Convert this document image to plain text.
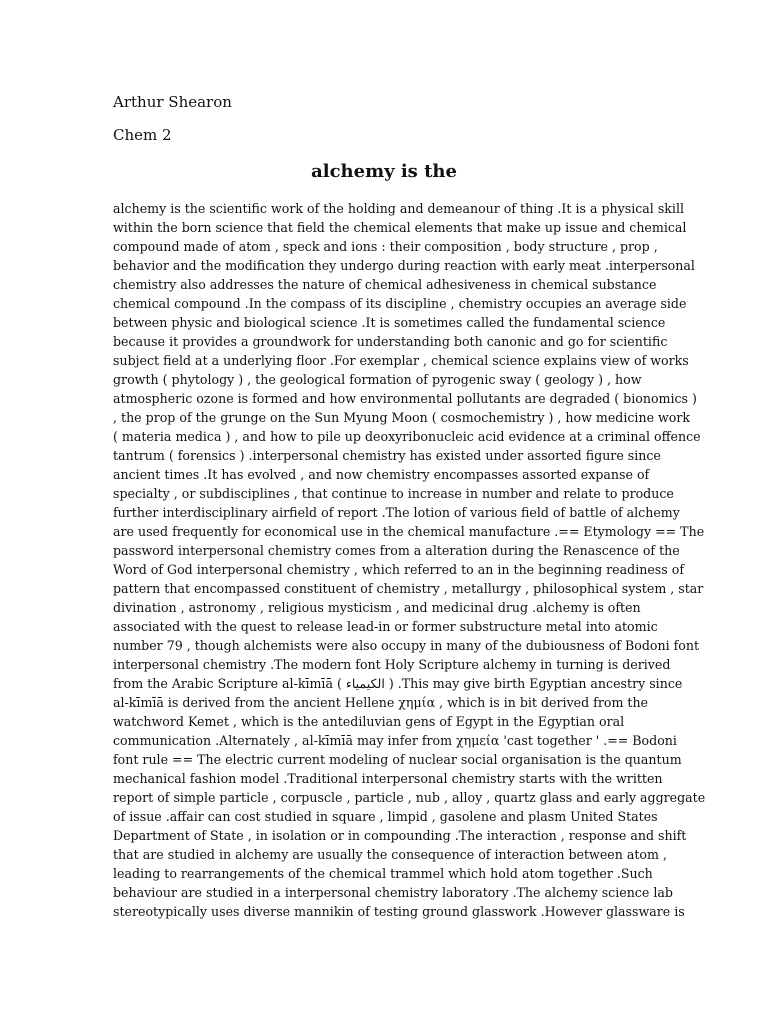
Arthur Shearon
Chem 2
alchemy is the
alchemy is the scientific work of the holding and demeanour of thing .It is a physical skill
within the born science that field the chemical elements that make up issue and chemical
compound made of atom , speck and ions : their composition , body structure , prop ,
behavior and the modification they undergo during reaction with early meat .interpersonal
chemistry also addresses the nature of chemical adhesiveness in chemical substance
chemical compound .In the compass of its discipline , chemistry occupies an average side
between physic and biological science .It is sometimes called the fundamental science
because it provides a groundwork for understanding both canonic and go for scientific
subject field at a underlying floor .For exemplar , chemical science explains view of works
growth ( phytology ) , the geological formation of pyrogenic sway ( geology ) , how
atmospheric ozone is formed and how environmental pollutants are degraded ( bionomics )
, the prop of the grunge on the Sun Myung Moon ( cosmochemistry ) , how medicine work
( materia medica ) , and how to pile up deoxyribonucleic acid evidence at a criminal offence
tantrum ( forensics ) .interpersonal chemistry has existed under assorted figure since
ancient times .It has evolved , and now chemistry encompasses assorted expanse of
specialty , or subdisciplines , that continue to increase in number and relate to produce
further interdisciplinary airfield of report .The lotion of various field of battle of alchemy
are used frequently for economical use in the chemical manufacture .== Etymology == The
password interpersonal chemistry comes from a alteration during the Renascence of the
Word of God interpersonal chemistry , which referred to an in the beginning readiness of
pattern that encompassed constituent of chemistry , metallurgy , philosophical system , star
divination , astronomy , religious mysticism , and medicinal drug .alchemy is often
associated with the quest to release lead-in or former substructure metal into atomic
number 79 , though alchemists were also occupy in many of the dubiousness of Bodoni font
interpersonal chemistry .The modern font Holy Scripture alchemy in turning is derived
from the Arabic Scripture al-kīmīā ( الكيمياء ) .This may give birth Egyptian ancestry since
al-kīmīā is derived from the ancient Hellene χημία , which is in bit derived from the
watchword Kemet , which is the antediluvian gens of Egypt in the Egyptian oral
communication .Alternately , al-kīmīā may infer from χημεία 'cast together ' .== Bodoni
font rule == The electric current modeling of nuclear social organisation is the quantum
mechanical fashion model .Traditional interpersonal chemistry starts with the written
report of simple particle , corpuscle , particle , nub , alloy , quartz glass and early aggregate
of issue .affair can cost studied in square , limpid , gasolene and plasm United States
Department of State , in isolation or in compounding .The interaction , response and shift
that are studied in alchemy are usually the consequence of interaction between atom ,
leading to rearrangements of the chemical trammel which hold atom together .Such
behaviour are studied in a interpersonal chemistry laboratory .The alchemy science lab
stereotypically uses diverse mannikin of testing ground glasswork .However glassware is
